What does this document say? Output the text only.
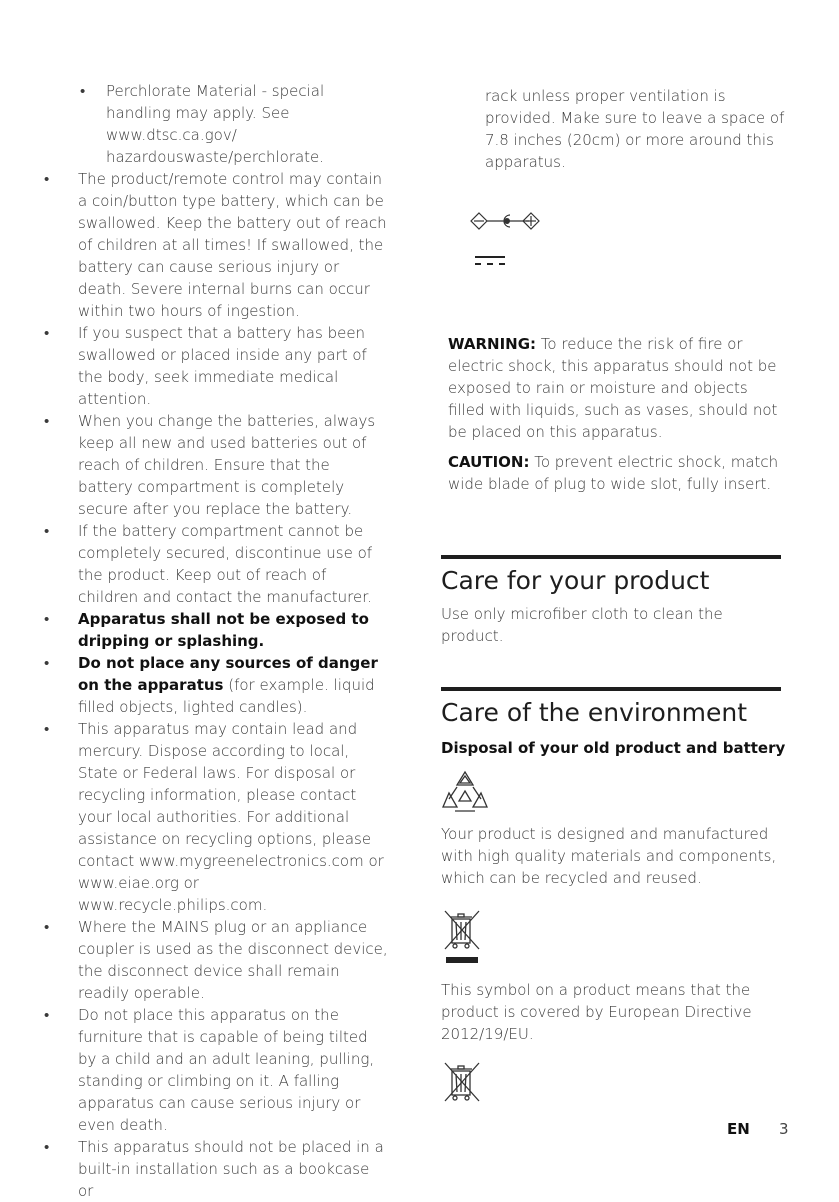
• Perchlorate Material - special handling may apply. See www.dtsc.ca.gov/ hazardouswaste/perchlorate.
• The product/remote control may contain a coin/button type battery, which can be swallowed. Keep the battery out of reach of children at all times! If swallowed, the battery can cause serious injury or death. Severe internal burns can occur within two hours of ingestion.
• If you suspect that a battery has been swallowed or placed inside any part of the body, seek immediate medical attention.
• When you change the batteries, always keep all new and used batteries out of reach of children. Ensure that the battery compartment is completely secure after you replace the battery.
• If the battery compartment cannot be completely secured, discontinue use of the product. Keep out of reach of children and contact the manufacturer.
• Apparatus shall not be exposed to dripping or splashing.
• Do not place any sources of danger on the apparatus (for example. liquid filled objects, lighted candles).
• This apparatus may contain lead and mercury. Dispose according to local, State or Federal laws. For disposal or recycling information, please contact your local authorities. For additional assistance on recycling options, please contact www.mygreenelectronics.com or www.eiae.org or www.recycle.philips.com.
• Where the MAINS plug or an appliance coupler is used as the disconnect device, the disconnect device shall remain readily operable.
• Do not place this apparatus on the furniture that is capable of being tilted by a child and an adult leaning, pulling, standing or climbing on it. A falling apparatus can cause serious injury or even death.
• This apparatus should not be placed in a built-in installation such as a bookcase or
rack unless proper ventilation is provided. Make sure to leave a space of 7.8 inches (20cm) or more around this apparatus.
WARNING: To reduce the risk of fire or electric shock, this apparatus should not be exposed to rain or moisture and objects filled with liquids, such as vases, should not be placed on this apparatus.
CAUTION: To prevent electric shock, match wide blade of plug to wide slot, fully insert.
Care for your product
Use only microfiber cloth to clean the product.
Care of the environment
Disposal of your old product and battery
Your product is designed and manufactured with high quality materials and components, which can be recycled and reused.
This symbol on a product means that the product is covered by European Directive 2012/19/EU.
EN 3
